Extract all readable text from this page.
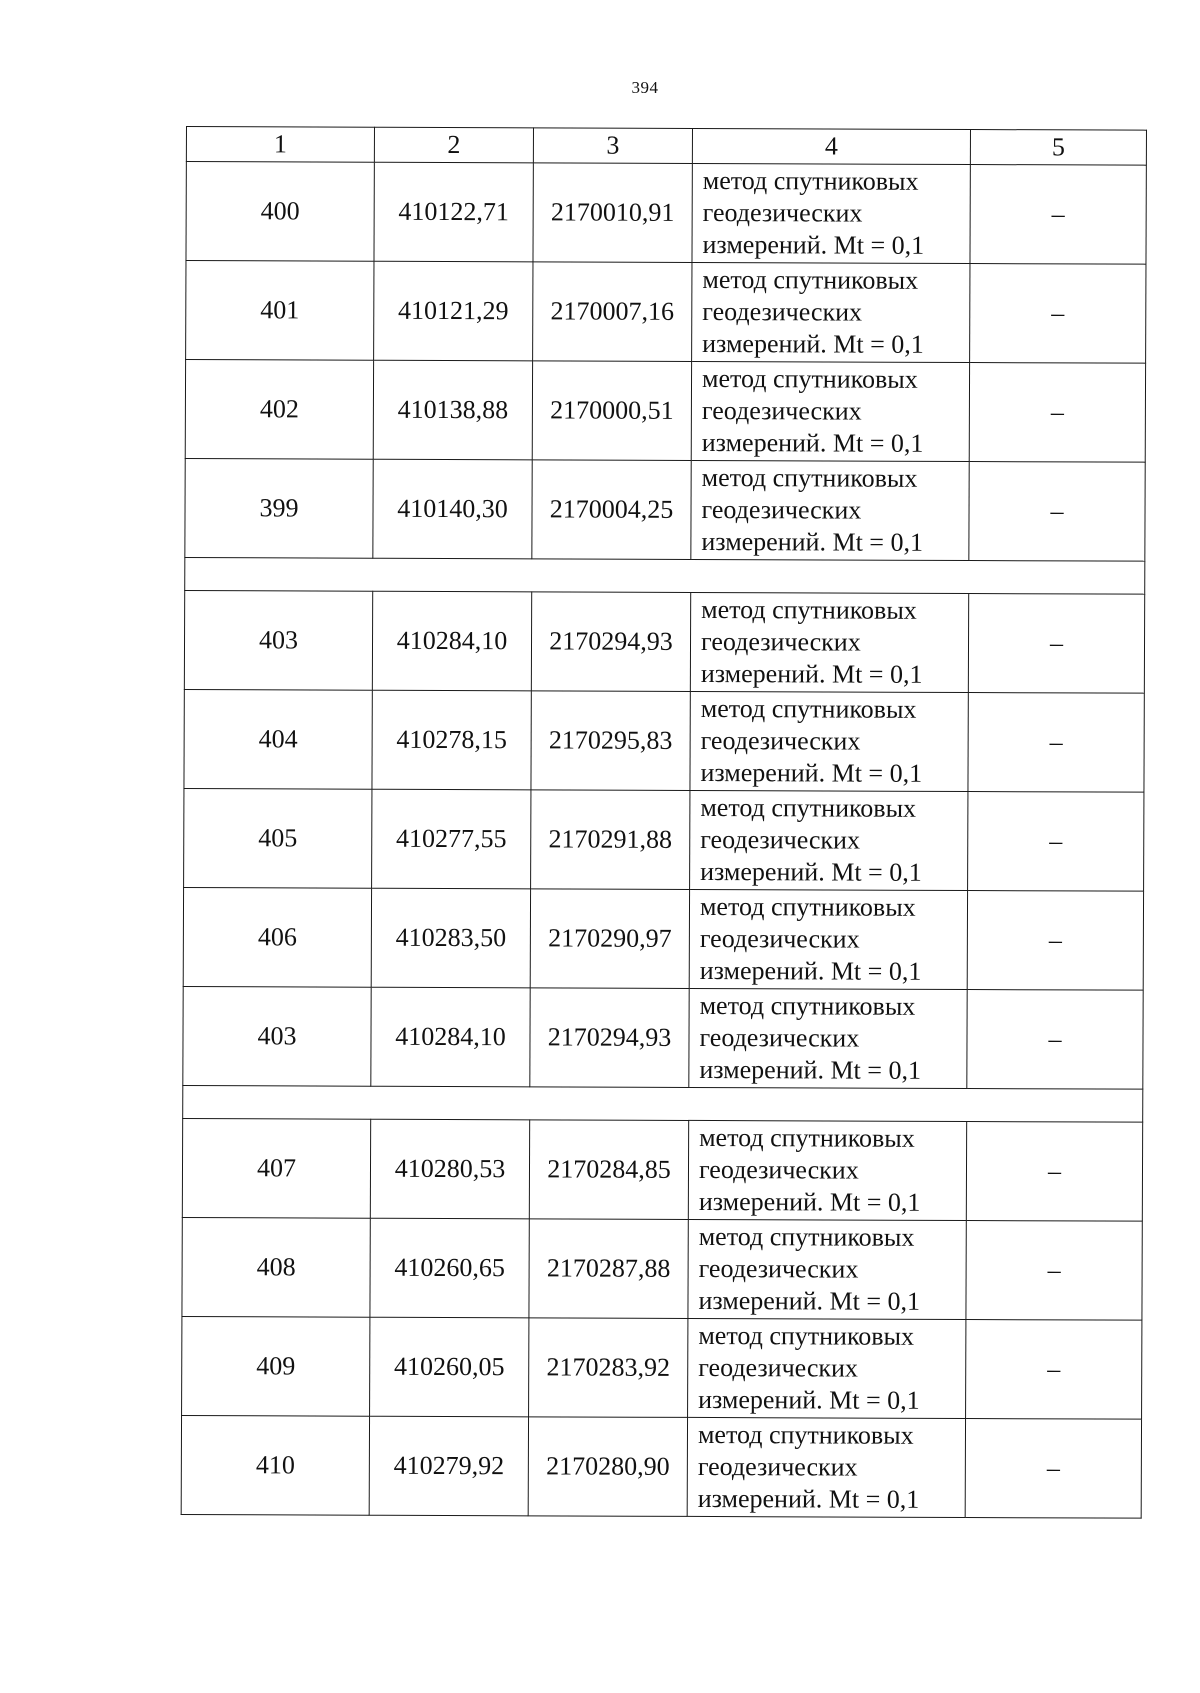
394
1	2	3	4	5
400	410122,71	2170010,91	метод спутниковых
геодезических
измерений. Mt = 0,1	–
401	410121,29	2170007,16	метод спутниковых
геодезических
измерений. Mt = 0,1	–
402	410138,88	2170000,51	метод спутниковых
геодезических
измерений. Mt = 0,1	–
399	410140,30	2170004,25	метод спутниковых
геодезических
измерений. Mt = 0,1	–

403	410284,10	2170294,93	метод спутниковых
геодезических
измерений. Mt = 0,1	–
404	410278,15	2170295,83	метод спутниковых
геодезических
измерений. Mt = 0,1	–
405	410277,55	2170291,88	метод спутниковых
геодезических
измерений. Mt = 0,1	–
406	410283,50	2170290,97	метод спутниковых
геодезических
измерений. Mt = 0,1	–
403	410284,10	2170294,93	метод спутниковых
геодезических
измерений. Mt = 0,1	–

407	410280,53	2170284,85	метод спутниковых
геодезических
измерений. Mt = 0,1	–
408	410260,65	2170287,88	метод спутниковых
геодезических
измерений. Mt = 0,1	–
409	410260,05	2170283,92	метод спутниковых
геодезических
измерений. Mt = 0,1	–
410	410279,92	2170280,90	метод спутниковых
геодезических
измерений. Mt = 0,1	–
